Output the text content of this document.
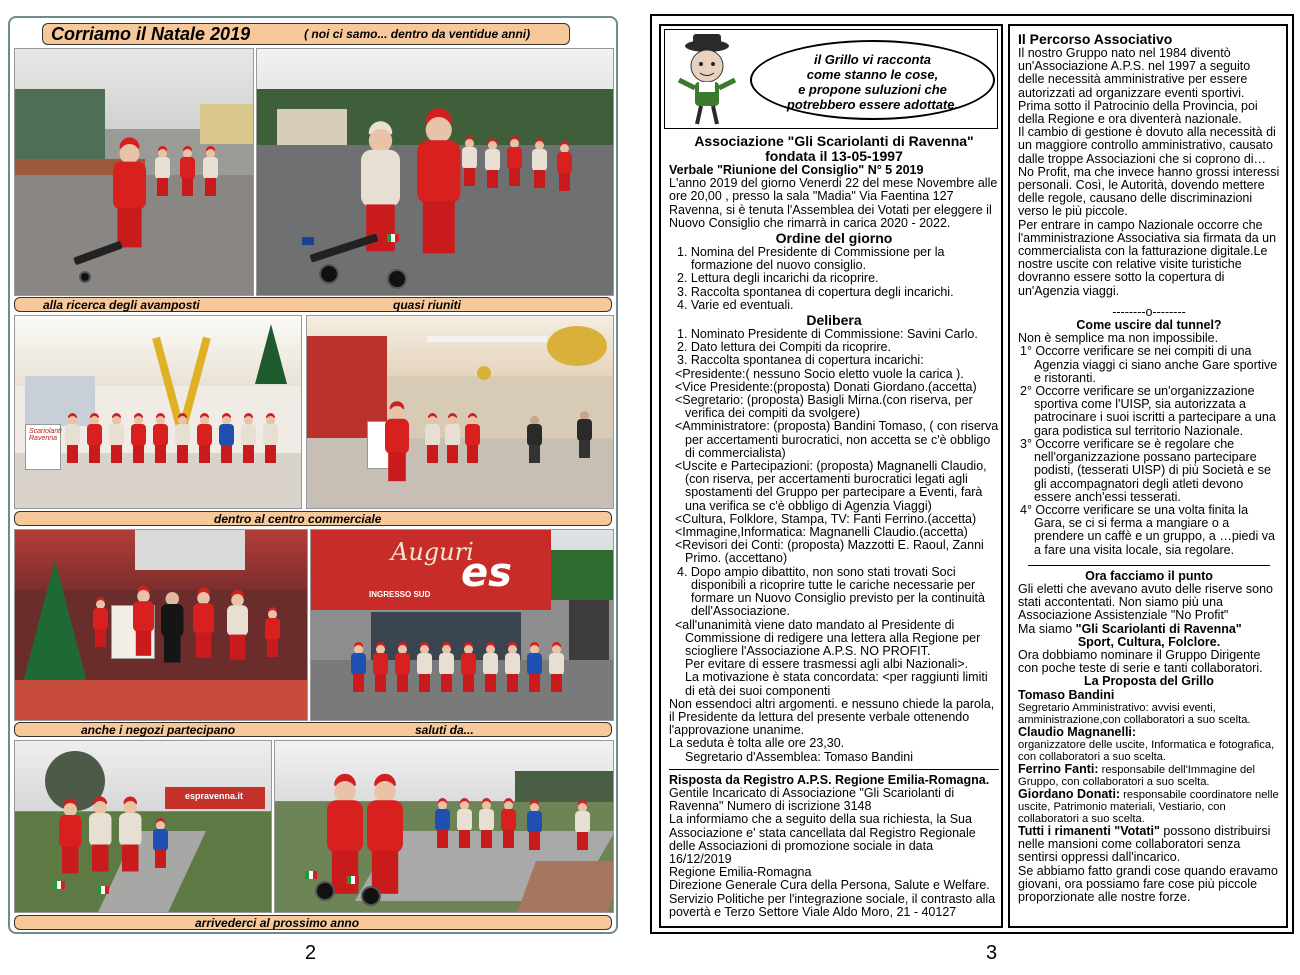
Corriamo il Natale 2019	( noi ci samo... dentro da ventidue anni)
alla ricerca degli avamposti	quasi riuniti
Scariolanti Ravenna
dentro al centro commerciale
Auguri
es
INGRESSO SUD
anche i negozi partecipano	saluti da...
espravenna.it
arrivederci al prossimo anno
2
il Grillo vi racconta
come stanno le cose,
e propone suluzioni che
potrebbero essere adottate.
Associazione "Gli Scariolanti di Ravenna"
fondata il 13-05-1997
Verbale "Riunione del Consiglio" N° 5 2019
L'anno 2019 del giorno Venerdi 22 del mese Novembre alle ore 20,00 , presso la sala "Madia" Via Faentina 127 Ravenna, si è tenuta l'Assemblea dei Votati per eleggere il Nuovo Consiglio che rimarrà in carica 2020 - 2022.
Ordine del giorno
1. Nomina del Presidente di Commissione per la formazione del nuovo consiglio.
2. Lettura degli incarichi da ricoprire.
3. Raccolta spontanea di copertura degli incarichi.
4. Varie ed eventuali.
Delibera
1. Nominato Presidente di Commissione: Savini Carlo.
2. Dato lettura dei Compiti da ricoprire.
3. Raccolta spontanea di copertura incarichi:
<Presidente:( nessuno Socio eletto vuole la carica ).
<Vice Presidente:(proposta) Donati Giordano.(accetta)
<Segretario: (proposta) Basigli Mirna.(con riserva, per verifica dei compiti da svolgere)
<Amministratore: (proposta) Bandini Tomaso, ( con riserva per accertamenti burocratici, non accetta se c'è obbligo di commercialista)
<Uscite e Partecipazioni: (proposta) Magnanelli Claudio, (con riserva, per accertamenti burocratici legati agli spostamenti del Gruppo per partecipare a Eventi, farà una verifica se c'è obbligo di Agenzia Viaggi)
<Cultura, Folklore, Stampa, TV: Fanti Ferrino.(accetta)
<Immagine,Informatica: Magnanelli Claudio.(accetta)
<Revisori dei Conti: (proposta) Mazzotti E. Raoul, Zanni Primo. (accettano)
4. Dopo ampio dibattito, non sono stati trovati Soci disponibili a ricoprire tutte le cariche necessarie per formare un Nuovo Consiglio previsto per la continuità dell'Associazione.
<all'unanimità viene dato mandato al Presidente di Commissione di redigere una lettera alla Regione per sciogliere l'Associazione A.P.S. NO PROFIT.
Per evitare di essere trasmessi agli albi Nazionali>.
La motivazione è stata concordata: <per raggiunti limiti di età dei suoi componenti
Non essendoci altri argomenti. e nessuno chiede la parola, il Presidente da lettura del presente verbale ottenendo l'approvazione unanime.
La seduta è tolta alle ore 23,30.
Segretario d'Assemblea: Tomaso Bandini
Risposta da Registro A.P.S. Regione Emilia-Romagna.
Gentile Incaricato di Associazione "Gli Scariolanti di Ravenna" Numero di iscrizione 3148
La informiamo che a seguito della sua richiesta, la Sua Associazione e' stata cancellata dal Registro Regionale delle Associazioni di promozione sociale in data 16/12/2019
Regione Emilia-Romagna
Direzione Generale Cura della Persona, Salute e Welfare. Servizio Politiche per l'integrazione sociale, il contrasto alla povertà e Terzo Settore Viale Aldo Moro, 21 - 40127
Il Percorso Associativo
Il nostro Gruppo nato nel 1984 diventò un'Associazione A.P.S. nel 1997 a seguito delle necessità amministrative per essere autorizzati ad organizzare eventi sportivi. Prima sotto il Patrocinio della Provincia, poi della Regione e ora diventerà nazionale.
Il cambio di gestione è dovuto alla necessità di un maggiore controllo amministrativo, causato dalle troppe Associazioni che si coprono di…No Profit, ma che invece hanno grossi interessi personali. Così, le Autorità, dovendo mettere delle regole, causano delle discriminazioni verso le più piccole.
Per entrare in campo Nazionale occorre che l'amministrazione Associativa sia firmata da un commercialista con la fatturazione digitale.Le nostre uscite con relative visite turistiche dovranno essere sotto la copertura di un'Agenzia viaggi.
--------o--------
Come uscire dal tunnel?
Non è semplice ma non impossibile.
1° Occorre verificare se nei compiti di una Agenzia viaggi ci siano anche Gare sportive e ristoranti.
2° Occorre verificare se un'organizzazione sportiva come l'UISP, sia autorizzata a patrocinare i suoi iscritti a partecipare a una gara podistica sul territorio Nazionale.
3° Occorre verificare se è regolare che nell'organizzazione possano partecipare podisti, (tesserati UISP) di più Società e se gli accompagnatori degli atleti devono essere anch'essi tesserati.
4° Occorre verificare se una volta finita la Gara, se ci si ferma a mangiare o a prendere un caffè e un gruppo, a …piedi va a fare una visita locale, sia regolare.
Ora facciamo il punto
Gli eletti che avevano avuto delle riserve sono stati accontentati. Non siamo più una Associazione Assistenziale "No Profit"
Ma siamo "Gli Scariolanti di Ravenna"
Sport, Cultura, Folclore.
Ora dobbiamo nominare il Gruppo Dirigente con poche teste di serie e tanti collaboratori.
La Proposta del Grillo
Tomaso Bandini
Segretario Amministrativo: avvisi eventi, amministrazione,con collaboratori a suo scelta.
Claudio Magnanelli:
organizzatore delle uscite, Informatica e fotografica, con collaboratori a suo scelta.
Ferrino Fanti: responsabile dell'Immagine del Gruppo, con collaboratori a suo scelta.
Giordano Donati: responsabile coordinatore nelle uscite, Patrimonio materiali, Vestiario, con collaboratori a suo scelta.
Tutti i rimanenti "Votati" possono distribuirsi nelle mansioni come collaboratori senza sentirsi oppressi dall'incarico.
Se abbiamo fatto grandi cose quando eravamo giovani, ora possiamo fare cose più piccole proporzionate alle nostre forze.
3
